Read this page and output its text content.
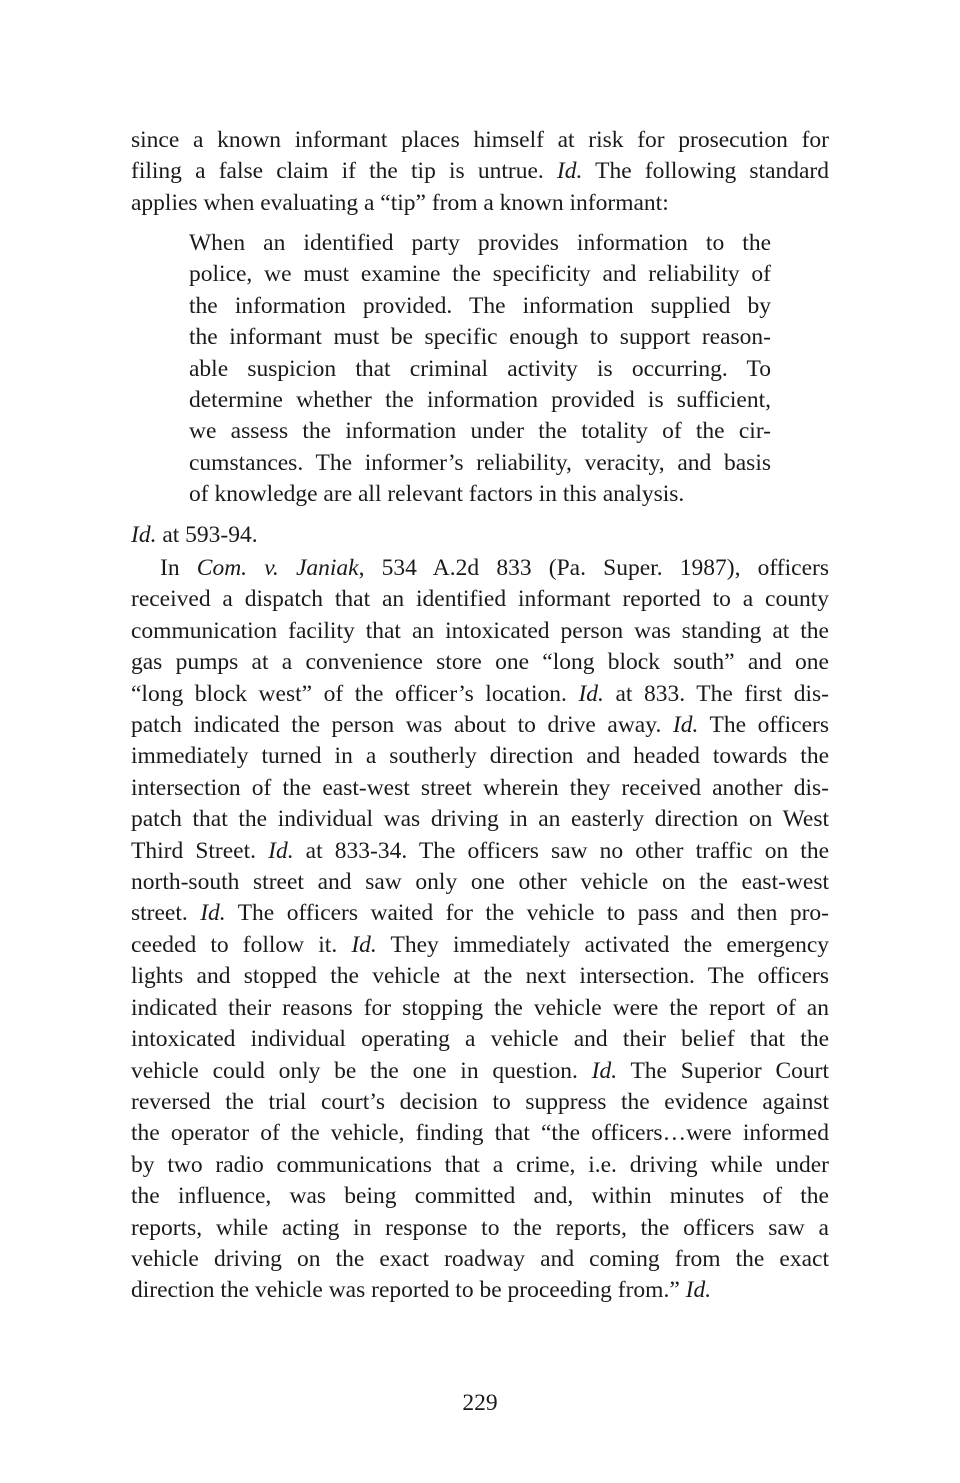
since a known informant places himself at risk for prosecution for
filing a false claim if the tip is untrue. Id. The following standard
applies when evaluating a “tip” from a known informant:
When an identified party provides information to the
police, we must examine the specificity and reliability of
the information provided. The information supplied by
the informant must be specific enough to support reason-
able suspicion that criminal activity is occurring. To
determine whether the information provided is sufficient,
we assess the information under the totality of the cir-
cumstances. The informer’s reliability, veracity, and basis
of knowledge are all relevant factors in this analysis.
Id. at 593-94.
In Com. v. Janiak, 534 A.2d 833 (Pa. Super. 1987), officers
received a dispatch that an identified informant reported to a county
communication facility that an intoxicated person was standing at the
gas pumps at a convenience store one “long block south” and one
“long block west” of the officer’s location. Id. at 833. The first dis-
patch indicated the person was about to drive away. Id. The officers
immediately turned in a southerly direction and headed towards the
intersection of the east-west street wherein they received another dis-
patch that the individual was driving in an easterly direction on West
Third Street. Id. at 833-34. The officers saw no other traffic on the
north-south street and saw only one other vehicle on the east-west
street. Id. The officers waited for the vehicle to pass and then pro-
ceeded to follow it. Id. They immediately activated the emergency
lights and stopped the vehicle at the next intersection. The officers
indicated their reasons for stopping the vehicle were the report of an
intoxicated individual operating a vehicle and their belief that the
vehicle could only be the one in question. Id. The Superior Court
reversed the trial court’s decision to suppress the evidence against
the operator of the vehicle, finding that “the officers…were informed
by two radio communications that a crime, i.e. driving while under
the influence, was being committed and, within minutes of the
reports, while acting in response to the reports, the officers saw a
vehicle driving on the exact roadway and coming from the exact
direction the vehicle was reported to be proceeding from.” Id.
229
